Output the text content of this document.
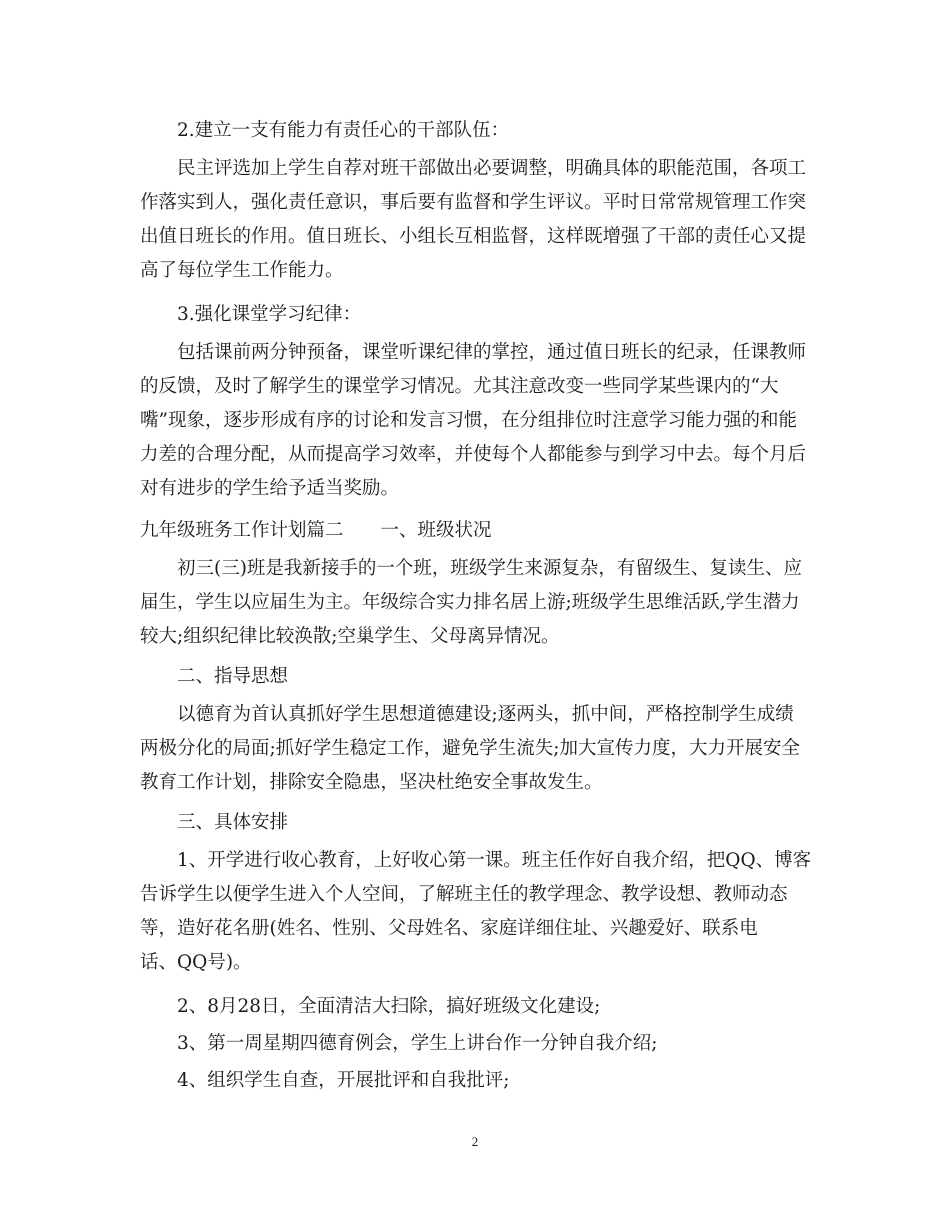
2.建立一支有能力有责任心的干部队伍：
民主评选加上学生自荐对班干部做出必要调整，明确具体的职能范围，各项工
作落实到人，强化责任意识，事后要有监督和学生评议。平时日常常规管理工作突
出值日班长的作用。值日班长、小组长互相监督，这样既增强了干部的责任心又提
高了每位学生工作能力。
3.强化课堂学习纪律：
包括课前两分钟预备，课堂听课纪律的掌控，通过值日班长的纪录，任课教师
的反馈，及时了解学生的课堂学习情况。尤其注意改变一些同学某些课内的“大
嘴”现象，逐步形成有序的讨论和发言习惯，在分组排位时注意学习能力强的和能
力差的合理分配，从而提高学习效率，并使每个人都能参与到学习中去。每个月后
对有进步的学生给予适当奖励。
九年级班务工作计划篇二　　一、班级状况
初三(三)班是我新接手的一个班，班级学生来源复杂，有留级生、复读生、应
届生，学生以应届生为主。年级综合实力排名居上游;班级学生思维活跃,学生潜力
较大;组织纪律比较涣散;空巢学生、父母离异情况。
二、指导思想
以德育为首认真抓好学生思想道德建设;逐两头，抓中间，严格控制学生成绩
两极分化的局面;抓好学生稳定工作，避免学生流失;加大宣传力度，大力开展安全
教育工作计划，排除安全隐患，坚决杜绝安全事故发生。
三、具体安排
1、开学进行收心教育，上好收心第一课。班主任作好自我介绍，把QQ、博客
告诉学生以便学生进入个人空间，了解班主任的教学理念、教学设想、教师动态
等，造好花名册(姓名、性别、父母姓名、家庭详细住址、兴趣爱好、联系电
话、QQ号)。
2、8月28日，全面清洁大扫除，搞好班级文化建设;
3、第一周星期四德育例会，学生上讲台作一分钟自我介绍;
4、组织学生自查，开展批评和自我批评;
2
